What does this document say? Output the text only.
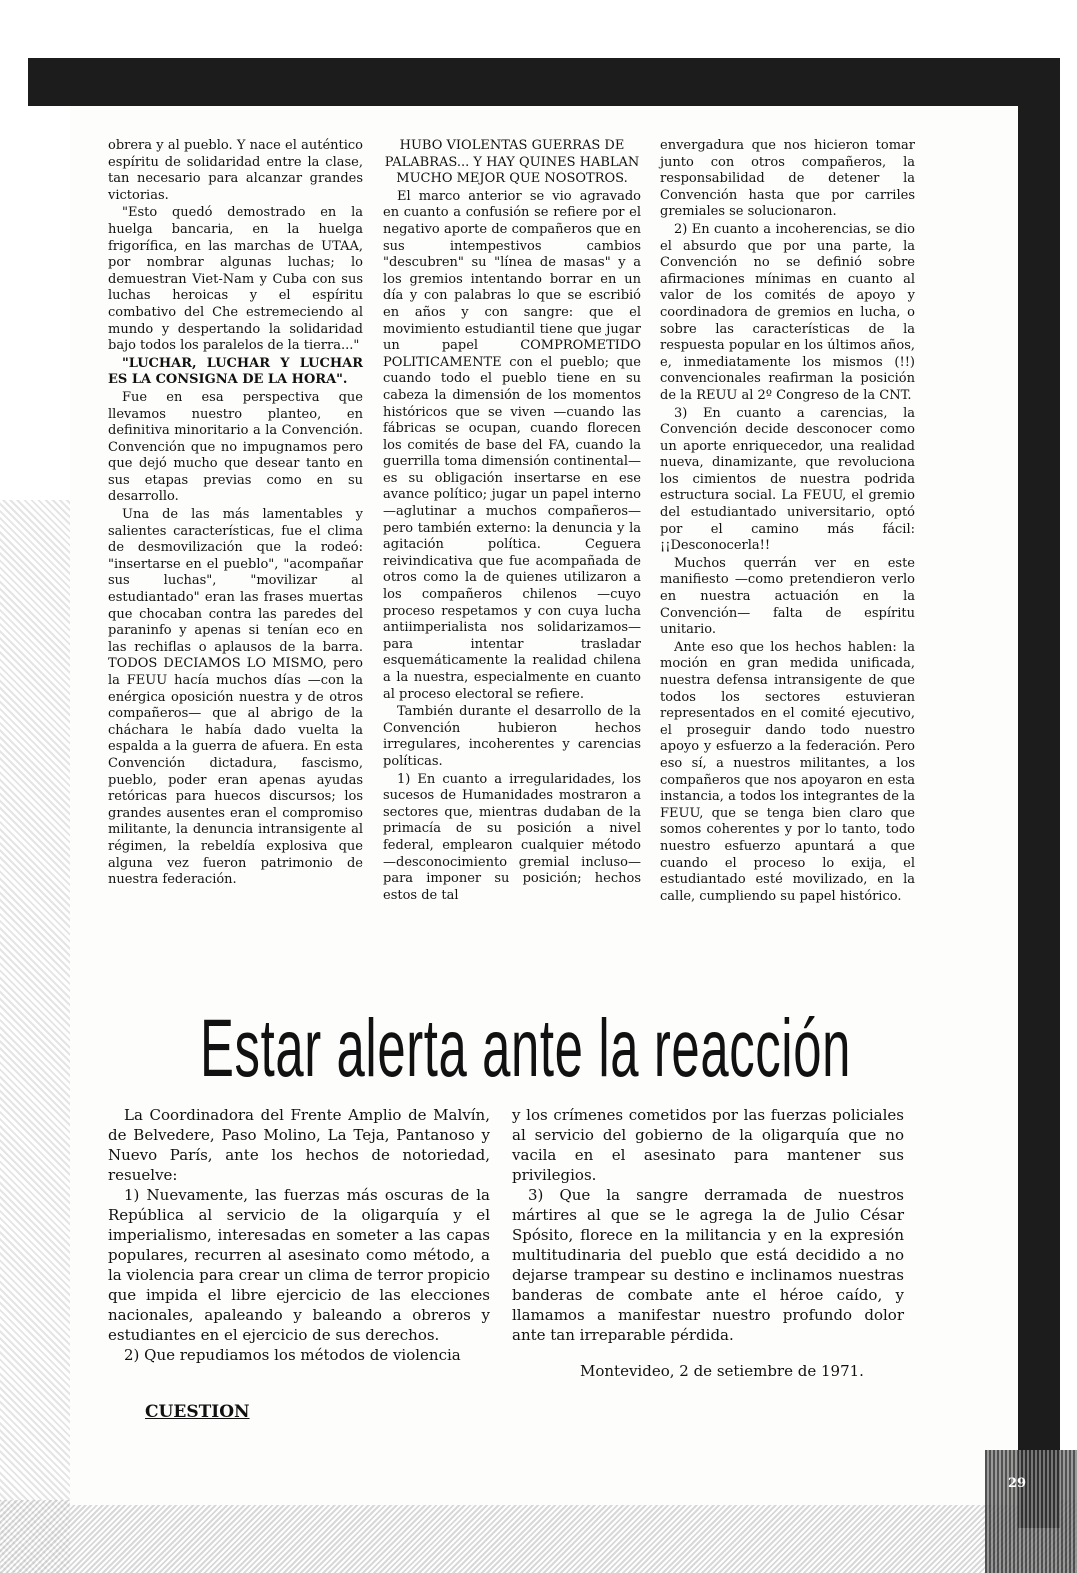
obrera y al pueblo. Y nace el auténtico espíritu de solidaridad entre la clase, tan necesario para alcanzar grandes victorias.

"Esto quedó demostrado en la huelga bancaria, en la huelga frigorífica, en las marchas de UTAA, por nombrar algunas luchas; lo demuestran Viet-Nam y Cuba con sus luchas heroicas y el espíritu combativo del Che estremeciendo al mundo y despertando la solidaridad bajo todos los paralelos de la tierra..."

"LUCHAR, LUCHAR Y LUCHAR ES LA CONSIGNA DE LA HORA".

Fue en esa perspectiva que llevamos nuestro planteo, en definitiva minoritario a la Convención. Convención que no impugnamos pero que dejó mucho que desear tanto en sus etapas previas como en su desarrollo.

Una de las más lamentables y salientes características, fue el clima de desmovilización que la rodeó: "insertarse en el pueblo", "acompañar sus luchas", "movilizar al estudiantado" eran las frases muertas que chocaban contra las paredes del paraninfo y apenas si tenían eco en las rechiflas o aplausos de la barra. TODOS DECIAMOS LO MISMO, pero la FEUU hacía muchos días —con la enérgica oposición nuestra y de otros compañeros— que al abrigo de la cháchara le había dado vuelta la espalda a la guerra de afuera. En esta Convención dictadura, fascismo, pueblo, poder eran apenas ayudas retóricas para huecos discursos; los grandes ausentes eran el compromiso militante, la denuncia intransigente al régimen, la rebeldía explosiva que alguna vez fueron patrimonio de nuestra federación.

HUBO VIOLENTAS GUERRAS DE PALABRAS... Y HAY QUINES HABLAN MUCHO MEJOR QUE NOSOTROS.

El marco anterior se vio agravado en cuanto a confusión se refiere por el negativo aporte de compañeros que en sus intempestivos cambios "descubren" su "línea de masas" y a los gremios intentando borrar en un día y con palabras lo que se escribió en años y con sangre: que el movimiento estudiantil tiene que jugar un papel COMPROMETIDO POLITICAMENTE con el pueblo; que cuando todo el pueblo tiene en su cabeza la dimensión de los momentos históricos que se viven —cuando las fábricas se ocupan, cuando florecen los comités de base del FA, cuando la guerrilla toma dimensión continental— es su obligación insertarse en ese avance político; jugar un papel interno —aglutinar a muchos compañeros— pero también externo: la denuncia y la agitación política. Ceguera reivindicativa que fue acompañada de otros como la de quienes utilizaron a los compañeros chilenos —cuyo proceso respetamos y con cuya lucha antiimperialista nos solidarizamos— para intentar trasladar esquemáticamente la realidad chilena a la nuestra, especialmente en cuanto al proceso electoral se refiere.

También durante el desarrollo de la Convención hubieron hechos irregulares, incoherentes y carencias políticas.

1) En cuanto a irregularidades, los sucesos de Humanidades mostraron a sectores que, mientras dudaban de la primacía de su posición a nivel federal, emplearon cualquier método —desconocimiento gremial incluso— para imponer su posición; hechos estos de tal

envergadura que nos hicieron tomar junto con otros compañeros, la responsabilidad de detener la Convención hasta que por carriles gremiales se solucionaron.

2) En cuanto a incoherencias, se dio el absurdo que por una parte, la Convención no se definió sobre afirmaciones mínimas en cuanto al valor de los comités de apoyo y coordinadora de gremios en lucha, o sobre las características de la respuesta popular en los últimos años, e, inmediatamente los mismos (!!) convencionales reafirman la posición de la REUU al 2º Congreso de la CNT.

3) En cuanto a carencias, la Convención decide desconocer como un aporte enriquecedor, una realidad nueva, dinamizante, que revoluciona los cimientos de nuestra podrida estructura social. La FEUU, el gremio del estudiantado universitario, optó por el camino más fácil: ¡¡Desconocerla!!

Muchos querrán ver en este manifiesto —como pretendieron verlo en nuestra actuación en la Convención— falta de espíritu unitario.

Ante eso que los hechos hablen: la moción en gran medida unificada, nuestra defensa intransigente de que todos los sectores estuvieran representados en el comité ejecutivo, el proseguir dando todo nuestro apoyo y esfuerzo a la federación. Pero eso sí, a nuestros militantes, a los compañeros que nos apoyaron en esta instancia, a todos los integrantes de la FEUU, que se tenga bien claro que somos coherentes y por lo tanto, todo nuestro esfuerzo apuntará a que cuando el proceso lo exija, el estudiantado esté movilizado, en la calle, cumpliendo su papel histórico.

Estar alerta ante la reacción

La Coordinadora del Frente Amplio de Malvín, de Belvedere, Paso Molino, La Teja, Pantanoso y Nuevo París, ante los hechos de notoriedad, resuelve:

1) Nuevamente, las fuerzas más oscuras de la República al servicio de la oligarquía y el imperialismo, interesadas en someter a las capas populares, recurren al asesinato como método, a la violencia para crear un clima de terror propicio que impida el libre ejercicio de las elecciones nacionales, apaleando y baleando a obreros y estudiantes en el ejercicio de sus derechos.

2) Que repudiamos los métodos de violencia

y los crímenes cometidos por las fuerzas policiales al servicio del gobierno de la oligarquía que no vacila en el asesinato para mantener sus privilegios.

3) Que la sangre derramada de nuestros mártires al que se le agrega la de Julio César Spósito, florece en la militancia y en la expresión multitudinaria del pueblo que está decidido a no dejarse trampear su destino e inclinamos nuestras banderas de combate ante el héroe caído, y llamamos a manifestar nuestro profundo dolor ante tan irreparable pérdida.

Montevideo, 2 de setiembre de 1971.
CUESTION
29
